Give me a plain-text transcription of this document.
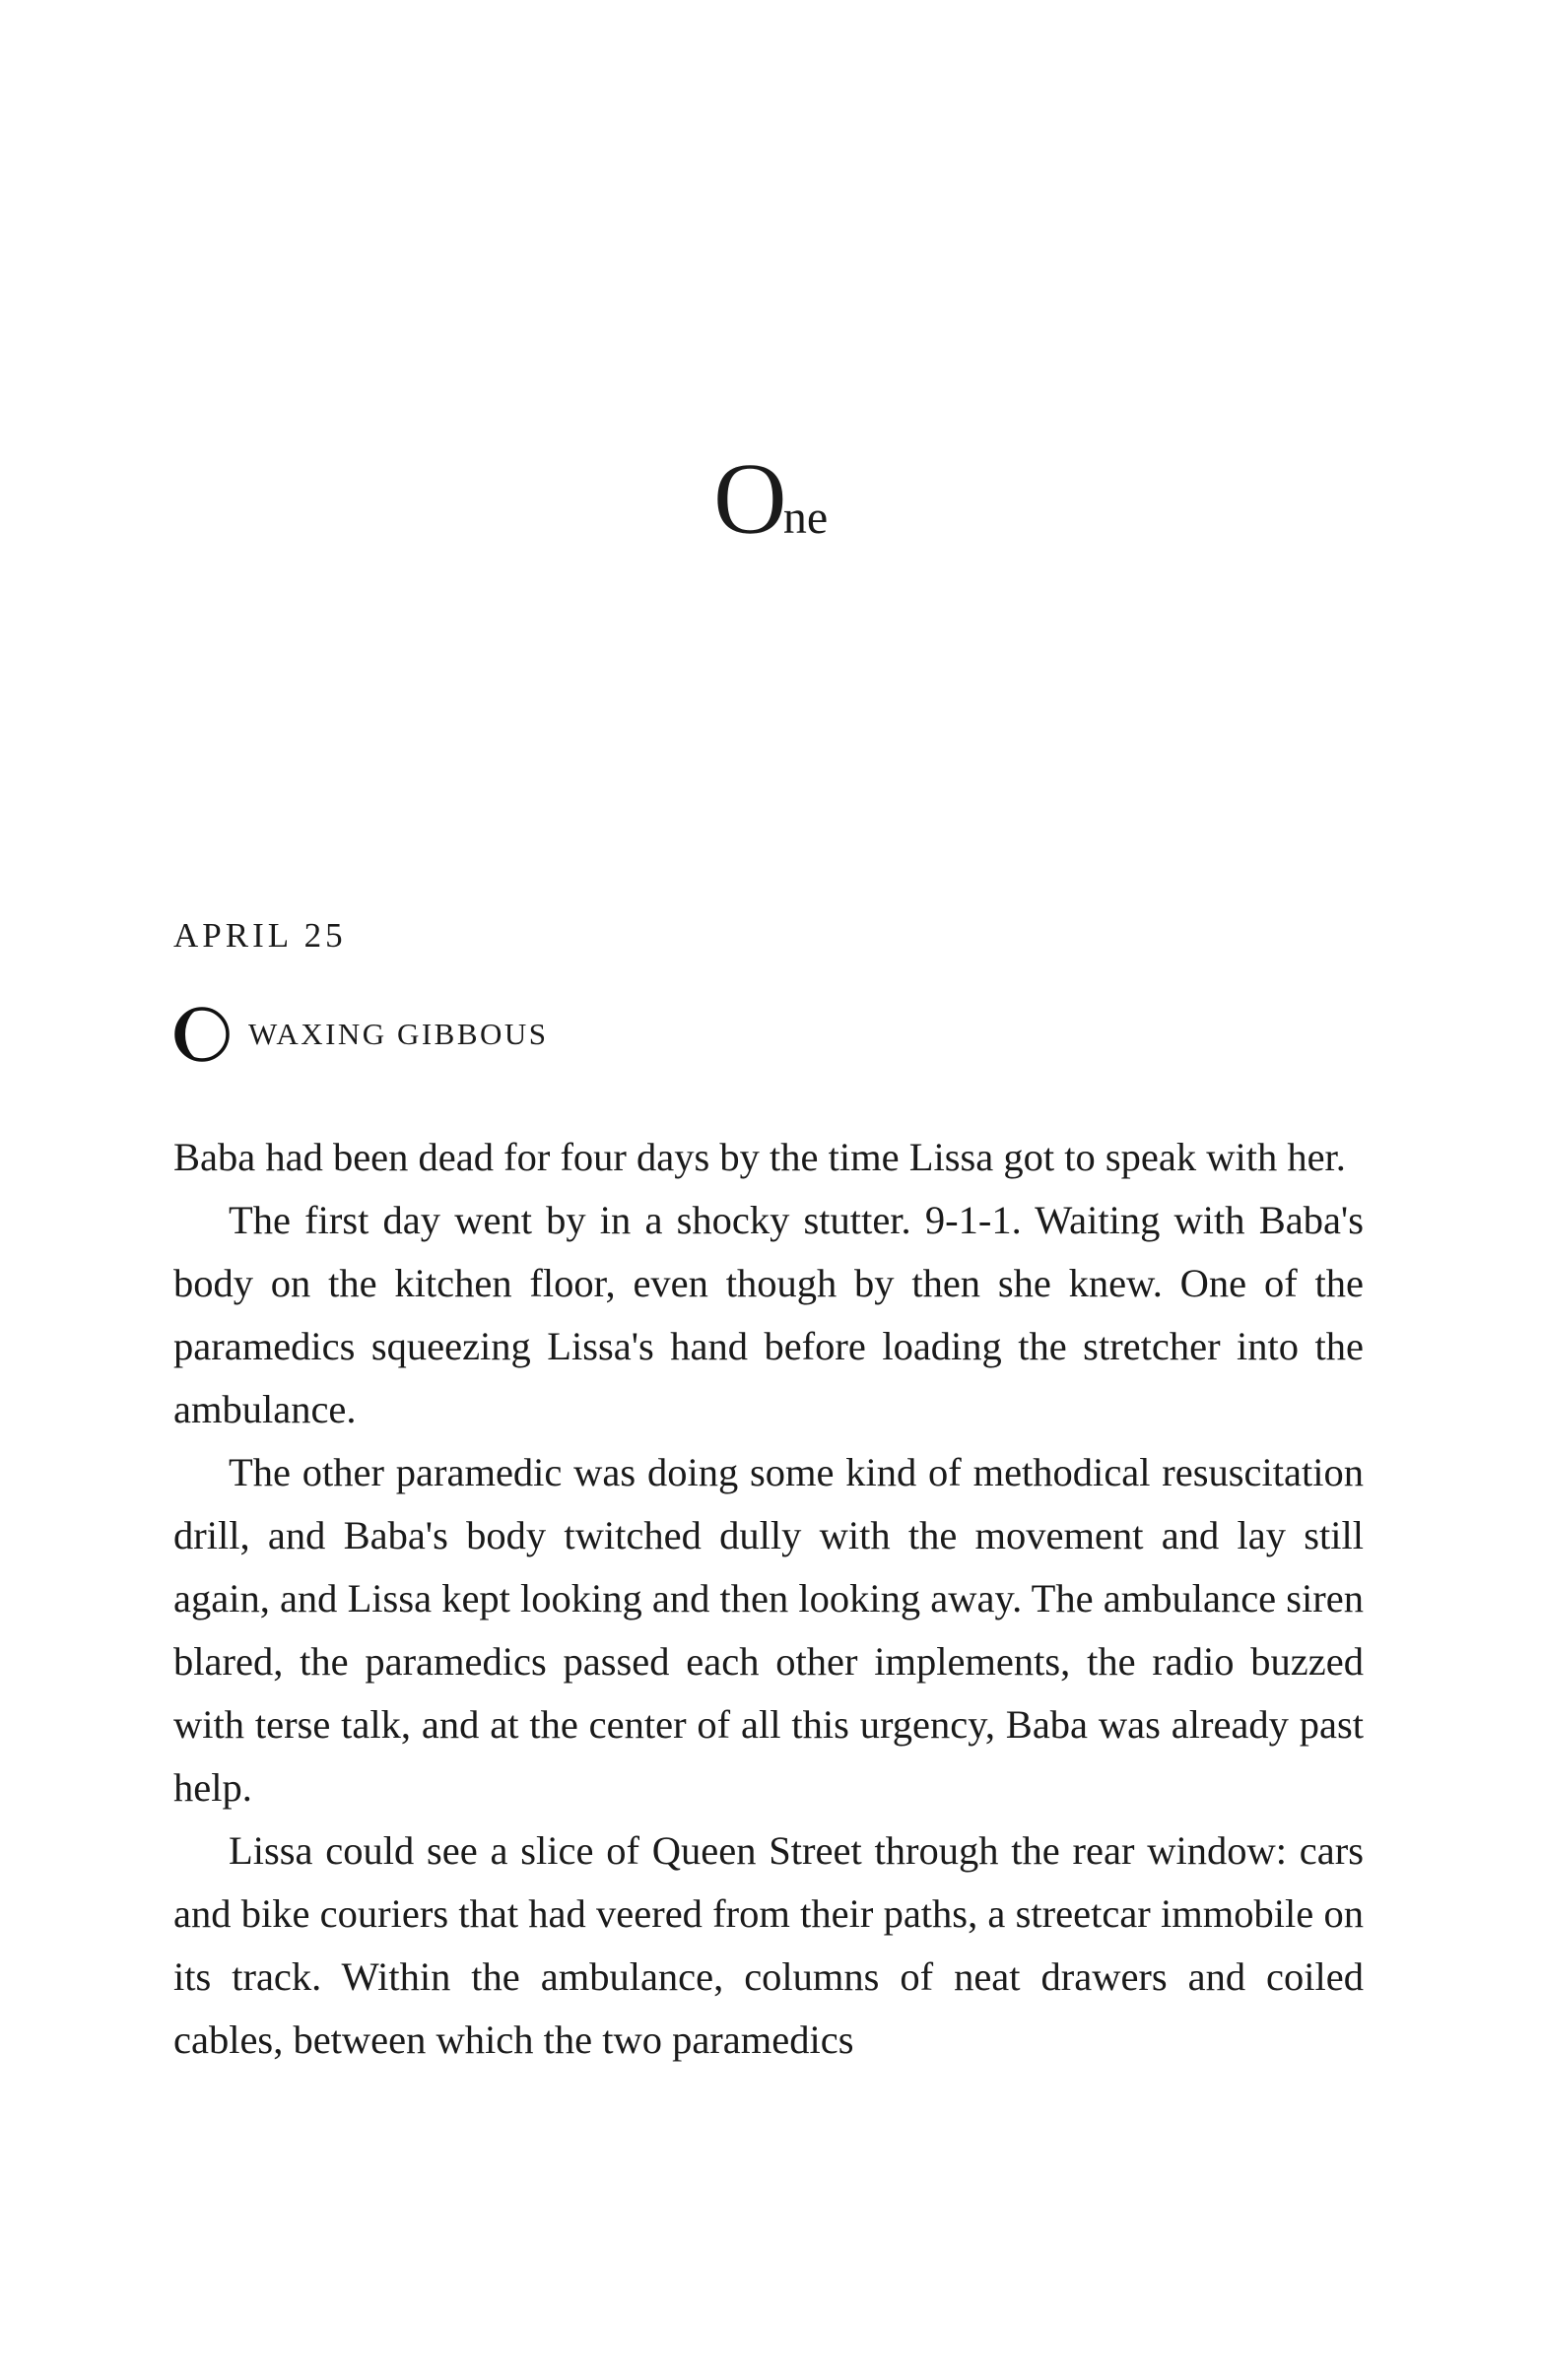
One
APRIL 25
WAXING GIBBOUS

Baba had been dead for four days by the time Lissa got to speak with her.

The first day went by in a shocky stutter. 9-1-1. Waiting with Baba's body on the kitchen floor, even though by then she knew. One of the paramedics squeezing Lissa's hand before loading the stretcher into the ambulance.

The other paramedic was doing some kind of methodical resuscitation drill, and Baba's body twitched dully with the movement and lay still again, and Lissa kept looking and then looking away. The ambulance siren blared, the paramedics passed each other implements, the radio buzzed with terse talk, and at the center of all this urgency, Baba was already past help.

Lissa could see a slice of Queen Street through the rear window: cars and bike couriers that had veered from their paths, a streetcar immobile on its track. Within the ambulance, columns of neat drawers and coiled cables, between which the two paramedics
